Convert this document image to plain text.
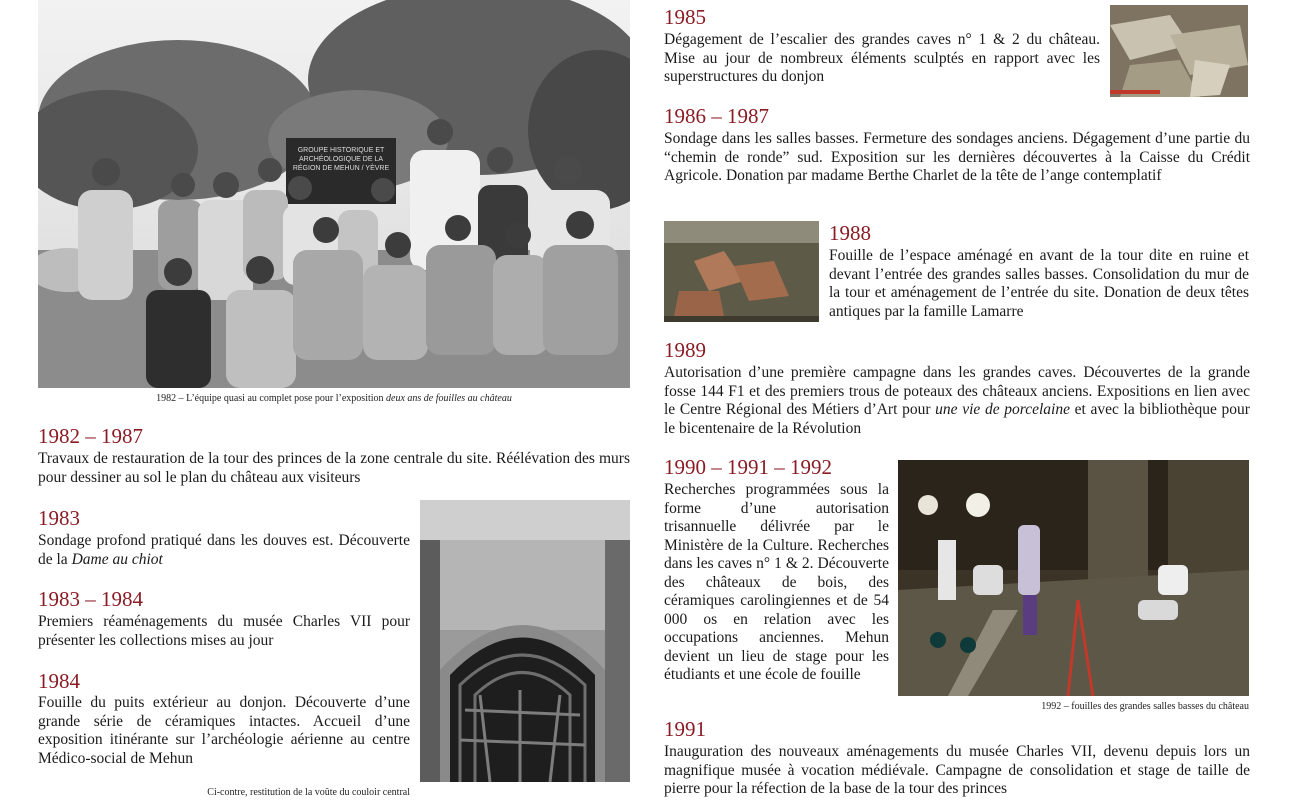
GROUPE HISTORIQUE ET
ARCHÉOLOGIQUE DE LA
RÉGION DE MEHUN / YÈVRE
1982 – L’équipe quasi au complet pose pour l’exposition deux ans de fouilles au château
1982 – 1987
Travaux de restauration de la tour des princes de la zone centrale du site. Réélévation des murs pour dessiner au sol le plan du château aux visiteurs
1983
Sondage profond pratiqué dans les douves est. Découverte de la Dame au chiot
1983 – 1984
Premiers réaménagements du musée Charles VII pour présenter les collections mises au jour
1984
Fouille du puits extérieur au donjon. Découverte d’une grande série de céramiques intactes. Accueil d’une exposition itinérante sur l’archéologie aérienne au centre Médico-social de Mehun
Ci-contre, restitution de la voûte du couloir central
1985
Dégagement de l’escalier des grandes caves n° 1 & 2 du château. Mise au jour de nombreux éléments sculptés en rapport avec les superstructures du donjon
1986 – 1987
Sondage dans les salles basses. Fermeture des sondages anciens. Dégagement d’une partie du “chemin de ronde” sud. Exposition sur les dernières découvertes à la Caisse du Crédit Agricole. Donation par madame Berthe Charlet de la tête de l’ange contemplatif
1988
Fouille de l’espace aménagé en avant de la tour dite en ruine et devant l’entrée des grandes salles basses. Consolidation du mur de la tour et aménagement de l’entrée du site. Donation de deux têtes antiques par la famille Lamarre
1989
Autorisation d’une première campagne dans les grandes caves. Découvertes de la grande fosse 144 F1 et des premiers trous de poteaux des châteaux anciens. Expositions en lien avec le Centre Régional des Métiers d’Art pour une vie de porcelaine et avec la bibliothèque pour le bicentenaire de la Révolution
1990 – 1991 – 1992
Recherches programmées sous la forme d’une autorisation trisannuelle délivrée par le Ministère de la Culture. Recherches dans les caves n° 1 & 2. Découverte des châteaux de bois, des céramiques carolingiennes et de 54 000 os en relation avec les occupations anciennes. Mehun devient un lieu de stage pour les étudiants et une école de fouille
1992 – fouilles des grandes salles basses du château
1991
Inauguration des nouveaux aménagements du musée Charles VII, devenu depuis lors un magnifique musée à vocation médiévale. Campagne de consolidation et stage de taille de pierre pour la réfection de la base de la tour des princes
